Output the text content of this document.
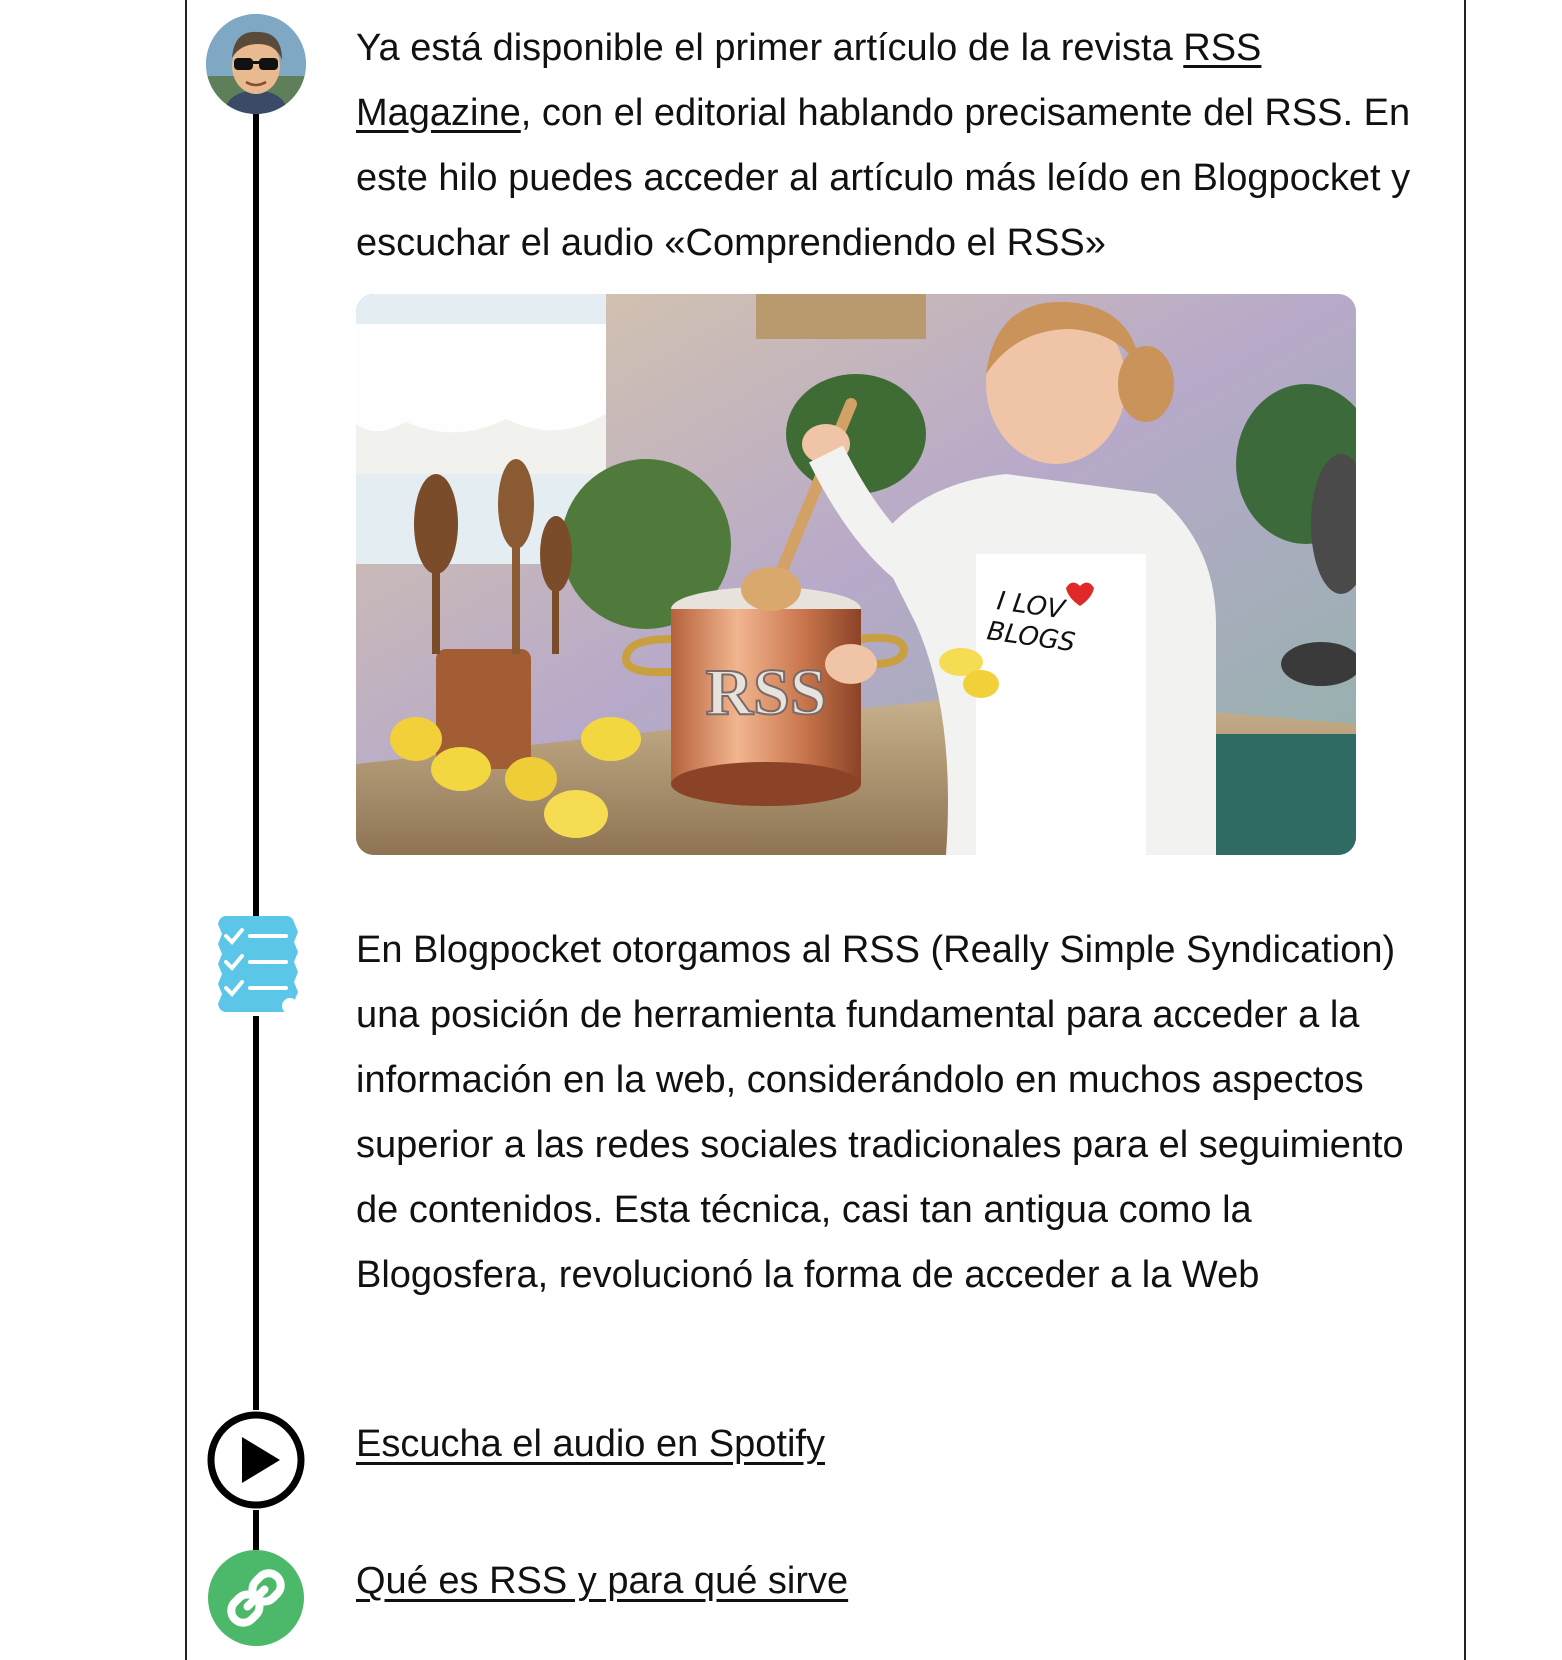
Ya está disponible el primer artículo de la revista RSS Magazine, con el editorial hablando precisamente del RSS. En este hilo puedes acceder al artículo más leído en Blogpocket y escuchar el audio «Comprendiendo el RSS»
RSS
I LOV
BLOGS
En Blogpocket otorgamos al RSS (Really Simple Syndication) una posición de herramienta fundamental para acceder a la información en la web, considerándolo en muchos aspectos superior a las redes sociales tradicionales para el seguimiento de contenidos. Esta técnica, casi tan antigua como la Blogosfera, revolucionó la forma de acceder a la Web
Escucha el audio en Spotify
Qué es RSS y para qué sirve
